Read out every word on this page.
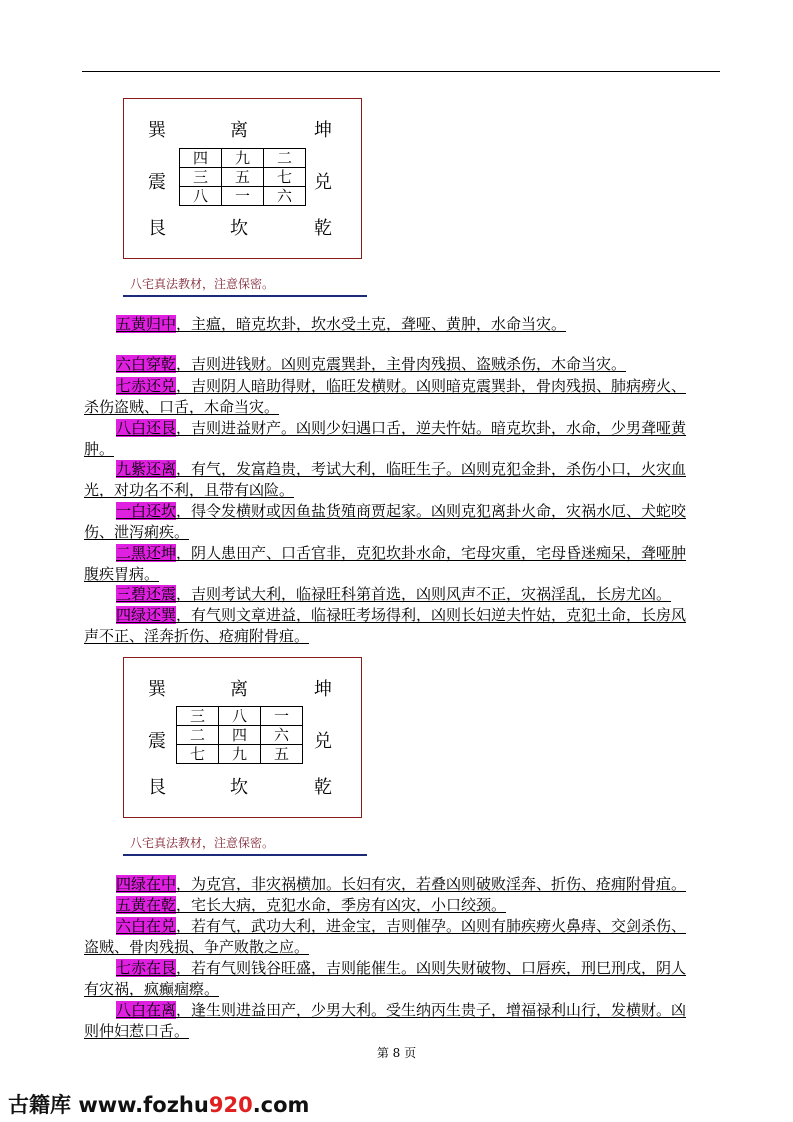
巽	离	坤
震	兑
艮	坎	乾
四	九	二
三	五	七
八	一	六
八宅真法教材，注意保密。
五黄归中，主瘟，暗克坎卦，坎水受土克，聋哑、黄肿，水命当灾。
六白穿乾，吉则进钱财。凶则克震巽卦，主骨肉残损、盗贼杀伤，木命当灾。
七赤还兑，吉则阴人暗助得财，临旺发横财。凶则暗克震巽卦，骨肉残损、肺病痨火、
杀伤盗贼、口舌，木命当灾。
八白还艮，吉则进益财产。凶则少妇遇口舌，逆夫忤姑。暗克坎卦，水命，少男聋哑黄
肿。
九紫还离，有气，发富趋贵，考试大利，临旺生子。凶则克犯金卦，杀伤小口，火灾血
光，对功名不利，且带有凶险。
一白还坎，得令发横财或因鱼盐货殖商贾起家。凶则克犯离卦火命，灾祸水厄、犬蛇咬
伤、泄泻痢疾。
二黑还坤，阴人患田产、口舌官非，克犯坎卦水命，宅母灾重，宅母昏迷痴呆，聋哑肿
腹疾胃病。
三碧还震，吉则考试大利，临禄旺科第首选，凶则风声不正，灾祸淫乱，长房尤凶。
四绿还巽，有气则文章进益，临禄旺考场得利，凶则长妇逆夫忤姑，克犯土命，长房风
声不正、淫奔折伤、疮痈附骨疽。
巽	离	坤
震	兑
艮	坎	乾
三	八	一
二	四	六
七	九	五
八宅真法教材，注意保密。
四绿在中，为克宫，非灾祸横加。长妇有灾，若叠凶则破败淫奔、折伤、疮痈附骨疽。
五黄在乾，宅长大病，克犯水命，季房有凶灾，小口绞颈。
六白在兑，若有气，武功大利，进金宝，吉则催孕。凶则有肺疾痨火鼻痔、交剑杀伤、
盗贼、骨肉残损、争产败散之应。
七赤在艮，若有气则钱谷旺盛，吉则能催生。凶则失财破物、口唇疾，刑巳刑戌，阴人
有灾祸，疯癫痼瘵。
八白在离，逢生则进益田产，少男大利。受生纳丙生贵子，增福禄利山行，发横财。凶
则仲妇惹口舌。
第 8 页
古籍库 www.fozhu920.com
